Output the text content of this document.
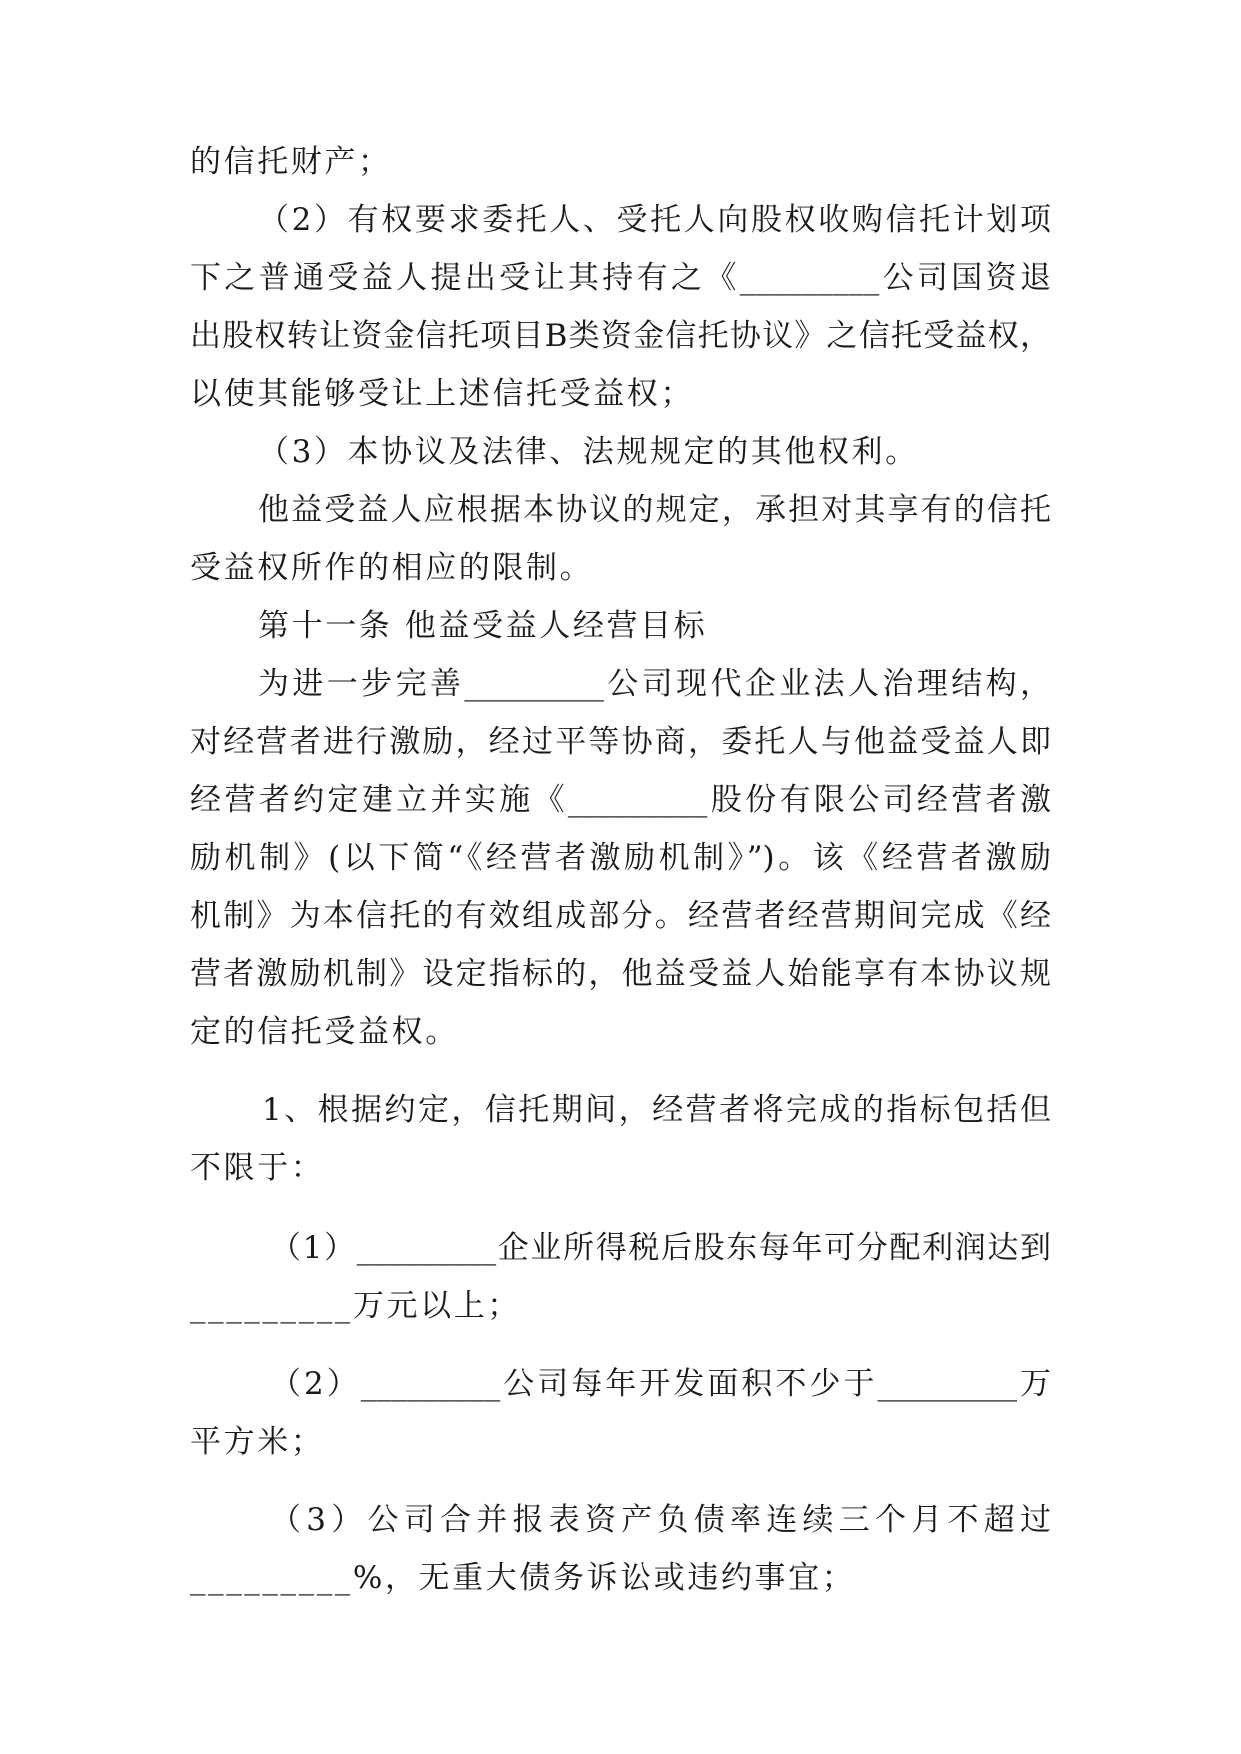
的信托财产；
（2）有权要求委托人、受托人向股权收购信托计划项
下之普通受益人提出受让其持有之《_________公司国资退
出股权转让资金信托项目B类资金信托协议》之信托受益权，
以使其能够受让上述信托受益权；
（3）本协议及法律、法规规定的其他权利。
他益受益人应根据本协议的规定，承担对其享有的信托
受益权所作的相应的限制。
第十一条 他益受益人经营目标
为进一步完善_________公司现代企业法人治理结构，
对经营者进行激励，经过平等协商，委托人与他益受益人即
经营者约定建立并实施《_________股份有限公司经营者激
励机制》(以下简“《经营者激励机制》”)。该《经营者激励
机制》为本信托的有效组成部分。经营者经营期间完成《经
营者激励机制》设定指标的，他益受益人始能享有本协议规
定的信托受益权。
1、根据约定，信托期间，经营者将完成的指标包括但
不限于：
（1）_________企业所得税后股东每年可分配利润达到
_________万元以上；
（2）_________公司每年开发面积不少于_________万
平方米；
（3）公司合并报表资产负债率连续三个月不超过
_________%，无重大债务诉讼或违约事宜；
